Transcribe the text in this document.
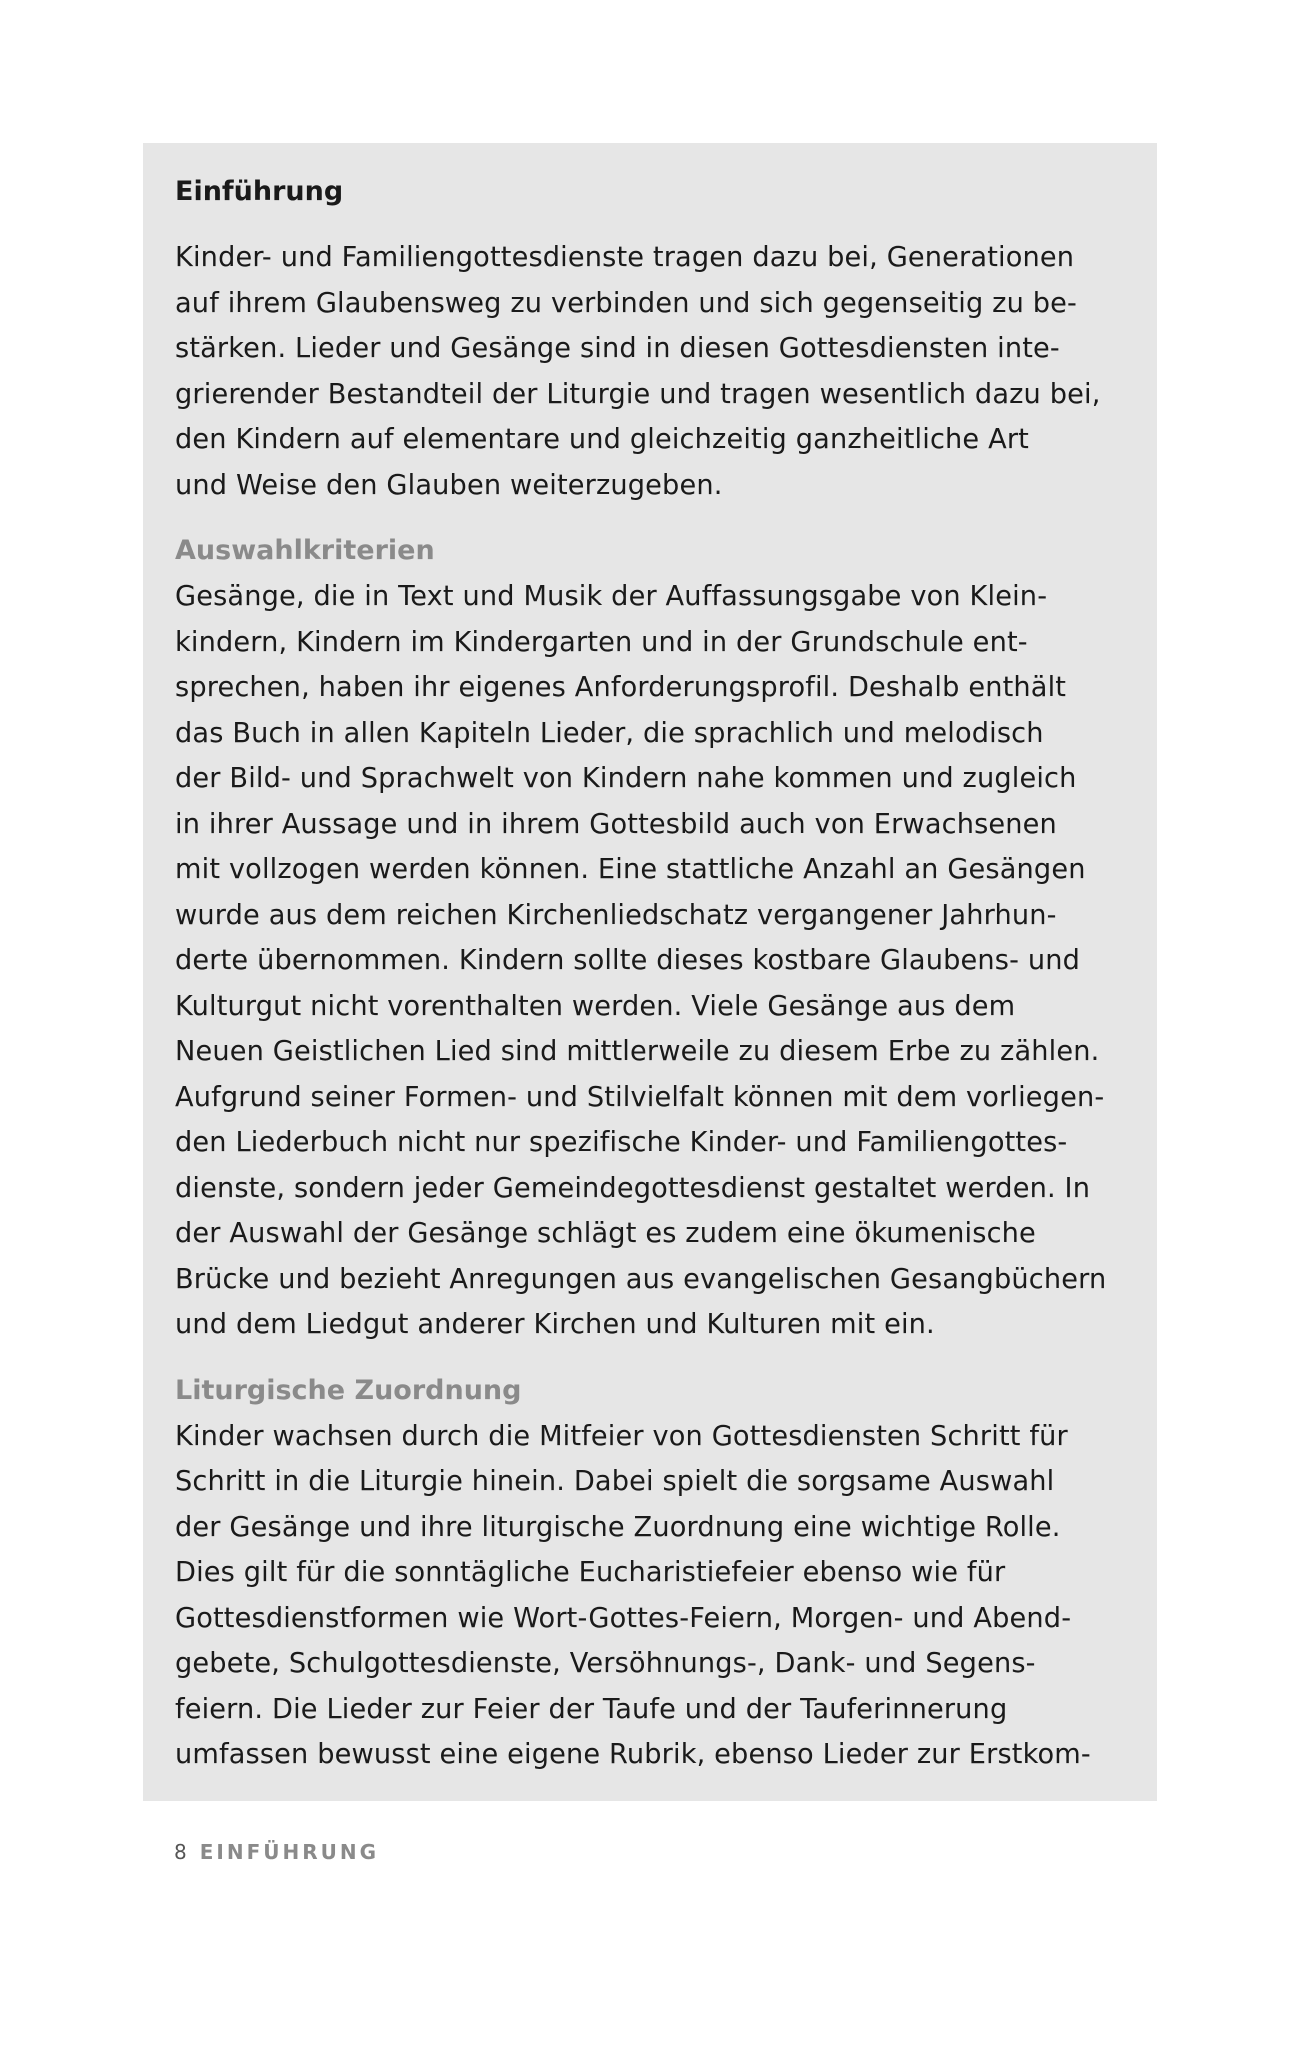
Einführung

Kinder- und Familiengottesdienste tragen dazu bei, Generationen
auf ihrem Glaubensweg zu verbinden und sich gegenseitig zu be-
stärken. Lieder und Gesänge sind in diesen Gottesdiensten inte-
grierender Bestandteil der Liturgie und tragen wesentlich dazu bei,
den Kindern auf elementare und gleichzeitig ganzheitliche Art
und Weise den Glauben weiterzugeben.

Auswahlkriterien

Gesänge, die in Text und Musik der Auffassungsgabe von Klein-
kindern, Kindern im Kindergarten und in der Grundschule ent-
sprechen, haben ihr eigenes Anforderungsprofil. Deshalb enthält
das Buch in allen Kapiteln Lieder, die sprachlich und melodisch
der Bild- und Sprachwelt von Kindern nahe kommen und zugleich
in ihrer Aussage und in ihrem Gottesbild auch von Erwachsenen
mit vollzogen werden können. Eine stattliche Anzahl an Gesängen
wurde aus dem reichen Kirchenliedschatz vergangener Jahrhun-
derte übernommen. Kindern sollte dieses kostbare Glaubens- und
Kulturgut nicht vorenthalten werden. Viele Gesänge aus dem
Neuen Geistlichen Lied sind mittlerweile zu diesem Erbe zu zählen.
Aufgrund seiner Formen- und Stilvielfalt können mit dem vorliegen-
den Liederbuch nicht nur spezifische Kinder- und Familiengottes-
dienste, sondern jeder Gemeindegottesdienst gestaltet werden. In
der Auswahl der Gesänge schlägt es zudem eine ökumenische
Brücke und bezieht Anregungen aus evangelischen Gesangbüchern
und dem Liedgut anderer Kirchen und Kulturen mit ein.

Liturgische Zuordnung

Kinder wachsen durch die Mitfeier von Gottesdiensten Schritt für
Schritt in die Liturgie hinein. Dabei spielt die sorgsame Auswahl
der Gesänge und ihre liturgische Zuordnung eine wichtige Rolle.
Dies gilt für die sonntägliche Eucharistiefeier ebenso wie für
Gottesdienstformen wie Wort-Gottes-Feiern, Morgen- und Abend-
gebete, Schulgottesdienste, Versöhnungs-, Dank- und Segens-
feiern. Die Lieder zur Feier der Taufe und der Tauferinnerung
umfassen bewusst eine eigene Rubrik, ebenso Lieder zur Erstkom-

8 EINFÜHRUNG
